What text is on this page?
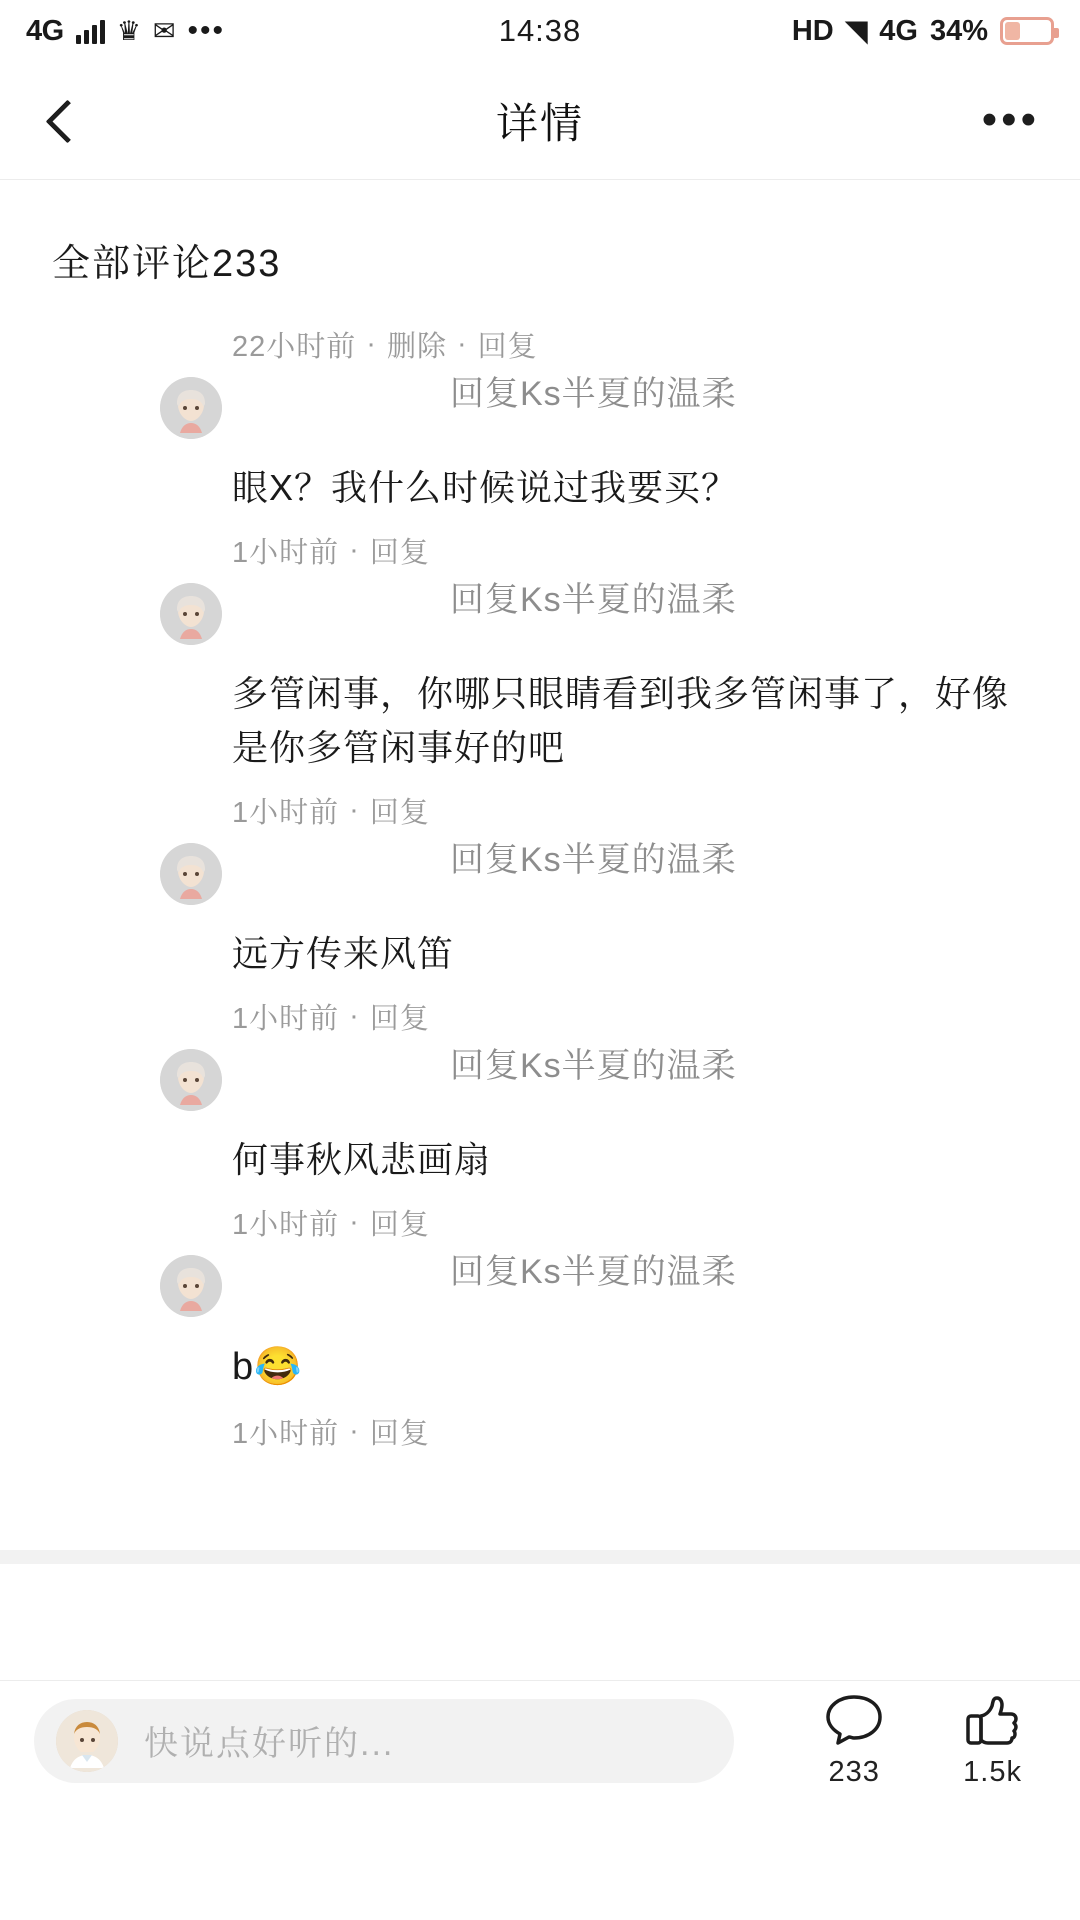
4G ♛ ✉ •••	14:38	HD ◥ 4G 34%
详情	•••
全部评论233
22小时前 · 删除 · 回复
回复Ks半夏的温柔
眼X？我什么时候说过我要买？
1小时前 · 回复
回复Ks半夏的温柔
多管闲事，你哪只眼睛看到我多管闲事了，好像是你多管闲事好的吧
1小时前 · 回复
回复Ks半夏的温柔
远方传来风笛
1小时前 · 回复
回复Ks半夏的温柔
何事秋风悲画扇
1小时前 · 回复
回复Ks半夏的温柔
b😂
1小时前 · 回复
快说点好听的...
233	1.5k
